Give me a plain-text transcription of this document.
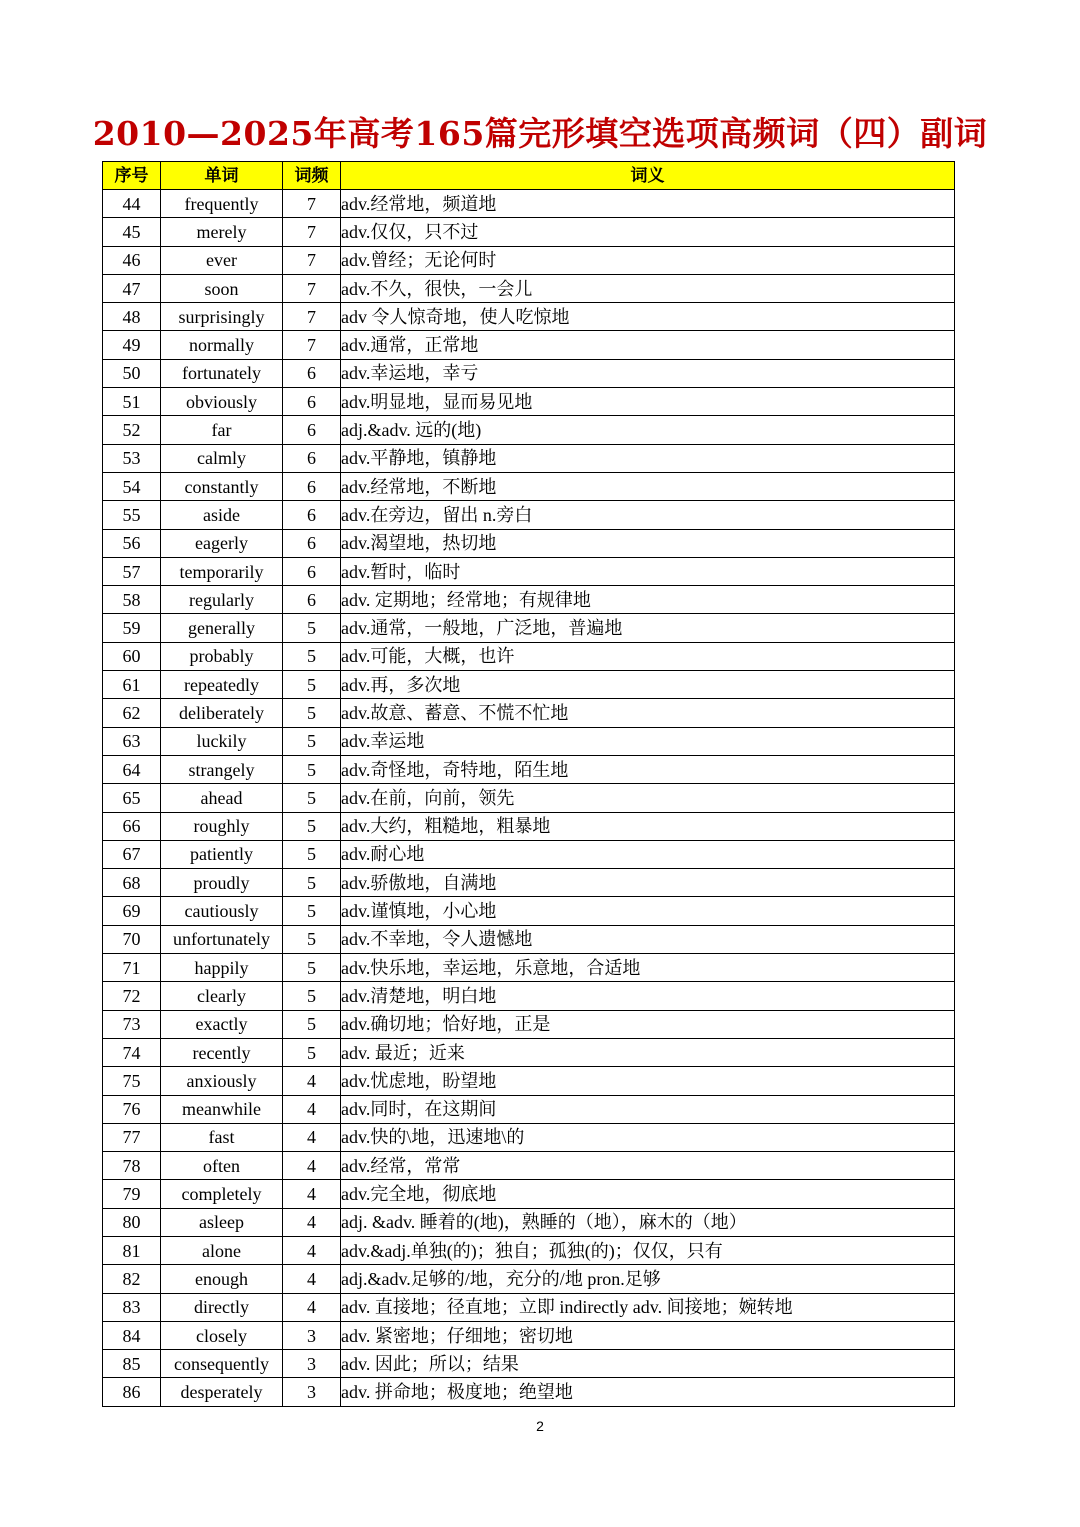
2010—2025年高考165篇完形填空选项高频词（四）副词
序号	单词	词频	词义
44	frequently	7	adv.经常地，频道地
45	merely	7	adv.仅仅，只不过
46	ever	7	adv.曾经；无论何时
47	soon	7	adv.不久，很快，一会儿
48	surprisingly	7	adv 令人惊奇地，使人吃惊地
49	normally	7	adv.通常，正常地
50	fortunately	6	adv.幸运地，幸亏
51	obviously	6	adv.明显地，显而易见地
52	far	6	adj.&adv. 远的(地)
53	calmly	6	adv.平静地，镇静地
54	constantly	6	adv.经常地，不断地
55	aside	6	adv.在旁边，留出 n.旁白
56	eagerly	6	adv.渴望地，热切地
57	temporarily	6	adv.暂时，临时
58	regularly	6	adv. 定期地；经常地；有规律地
59	generally	5	adv.通常，一般地，广泛地，普遍地
60	probably	5	adv.可能，大概，也许
61	repeatedly	5	adv.再，多次地
62	deliberately	5	adv.故意、蓄意、不慌不忙地
63	luckily	5	adv.幸运地
64	strangely	5	adv.奇怪地，奇特地，陌生地
65	ahead	5	adv.在前，向前，领先
66	roughly	5	adv.大约，粗糙地，粗暴地
67	patiently	5	adv.耐心地
68	proudly	5	adv.骄傲地，自满地
69	cautiously	5	adv.谨慎地，小心地
70	unfortunately	5	adv.不幸地，令人遗憾地
71	happily	5	adv.快乐地，幸运地，乐意地，合适地
72	clearly	5	adv.清楚地，明白地
73	exactly	5	adv.确切地；恰好地，正是
74	recently	5	adv. 最近；近来
75	anxiously	4	adv.忧虑地，盼望地
76	meanwhile	4	adv.同时，在这期间
77	fast	4	adv.快的\地，迅速地\的
78	often	4	adv.经常，常常
79	completely	4	adv.完全地，彻底地
80	asleep	4	adj. &adv. 睡着的(地)，熟睡的（地），麻木的（地）
81	alone	4	adv.&adj.单独(的)；独自；孤独(的)；仅仅，只有
82	enough	4	adj.&adv.足够的/地，充分的/地 pron.足够
83	directly	4	adv. 直接地；径直地；立即 indirectly adv. 间接地；婉转地
84	closely	3	adv. 紧密地；仔细地；密切地
85	consequently	3	adv. 因此；所以；结果
86	desperately	3	adv. 拼命地；极度地；绝望地
2
